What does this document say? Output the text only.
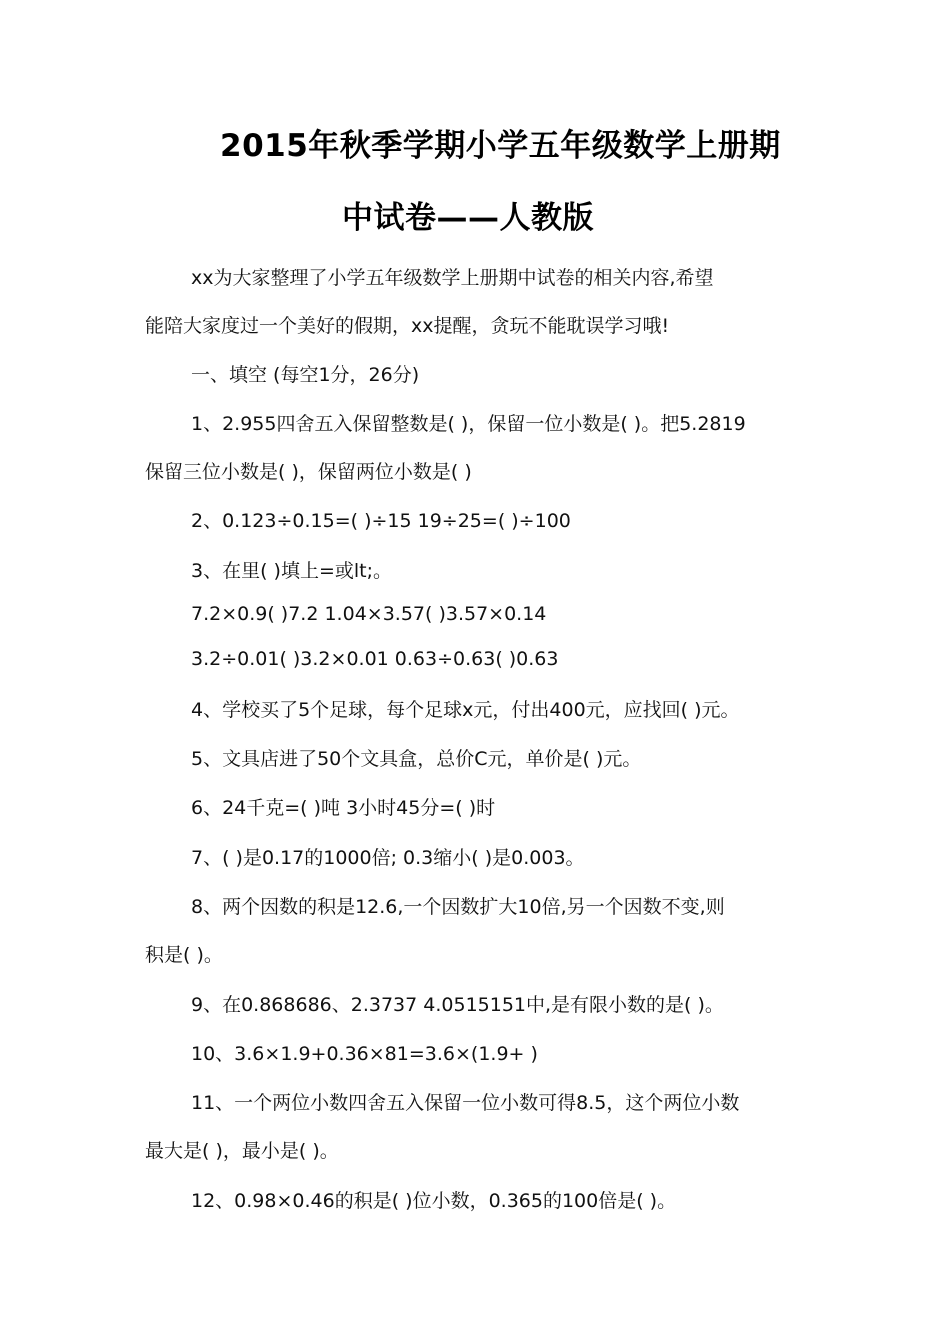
2015年秋季学期小学五年级数学上册期
中试卷——人教版
xx为大家整理了小学五年级数学上册期中试卷的相关内容,希望
能陪大家度过一个美好的假期，xx提醒，贪玩不能耽误学习哦!
一、填空 (每空1分，26分)
1、2.955四舍五入保留整数是( )，保留一位小数是( )。把5.2819
保留三位小数是( )，保留两位小数是( )
2、0.123÷0.15=( )÷15 19÷25=( )÷100
3、在里( )填上=或lt;。
7.2×0.9( )7.2 1.04×3.57( )3.57×0.14
3.2÷0.01( )3.2×0.01 0.63÷0.63( )0.63
4、学校买了5个足球，每个足球x元，付出400元，应找回( )元。
5、文具店进了50个文具盒，总价C元，单价是( )元。
6、24千克=( )吨 3小时45分=( )时
7、( )是0.17的1000倍; 0.3缩小( )是0.003。
8、两个因数的积是12.6,一个因数扩大10倍,另一个因数不变,则
积是( )。
9、在0.868686、2.3737 4.0515151中,是有限小数的是( )。
10、3.6×1.9+0.36×81=3.6×(1.9+ )
11、一个两位小数四舍五入保留一位小数可得8.5，这个两位小数
最大是( )，最小是( )。
12、0.98×0.46的积是( )位小数，0.365的100倍是( )。
